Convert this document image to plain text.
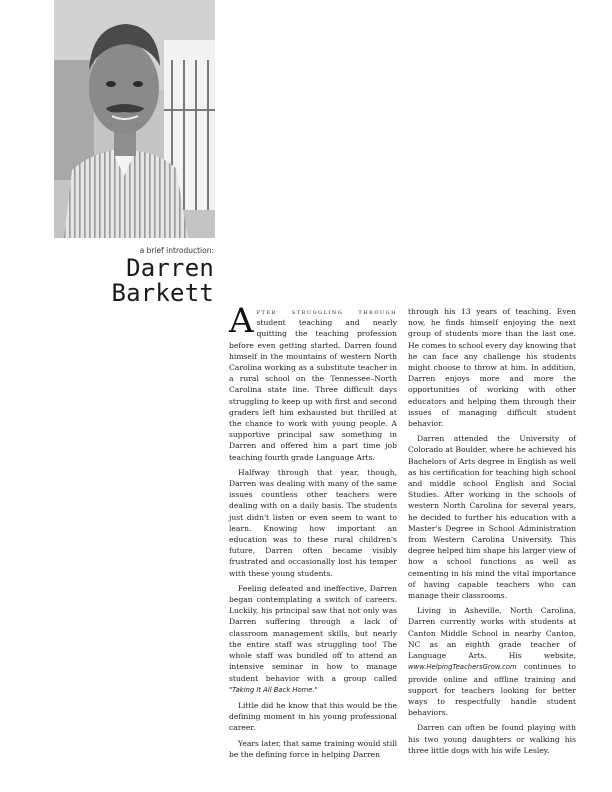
a brief introduction:
Darren
Barkett

After struggling through student teaching and nearly quitting the teaching profession before even getting started, Darren found himself in the mountains of western North Carolina working as a substitute teacher in a rural school on the Tennessee–North Carolina state line. Three difficult days struggling to keep up with first and second graders left him exhausted but thrilled at the chance to work with young people. A supportive principal saw something in Darren and offered him a part time job teaching fourth grade Language Arts.

Halfway through that year, though, Darren was dealing with many of the same issues countless other teachers were dealing with on a daily basis. The students just didn't listen or even seem to want to learn. Knowing how important an education was to these rural children's future, Darren often became visibly frustrated and occasionally lost his temper with these young students.

Feeling defeated and ineffective, Darren began contemplating a switch of careers. Luckily, his principal saw that not only was Darren suffering through a lack of classroom management skills, but nearly the entire staff was struggling too! The whole staff was bundled off to attend an intensive seminar in how to manage student behavior with a group called "Taking It All Back Home."

Little did he know that this would be the defining moment in his young professional career.

Years later, that same training would still be the defining force in helping Darren

through his 13 years of teaching. Even now, he finds himself enjoying the next group of students more than the last one. He comes to school every day knowing that he can face any challenge his students might choose to throw at him. In addition, Darren enjoys more and more the opportunities of working with other educators and helping them through their issues of managing difficult student behavior.

Darren attended the University of Colorado at Boulder, where he achieved his Bachelors of Arts degree in English as well as his certification for teaching high school and middle school English and Social Studies. After working in the schools of western North Carolina for several years, he decided to further his education with a Master's Degree in School Administration from Western Carolina University. This degree helped him shape his larger view of how a school functions as well as cementing in his mind the vital importance of having capable teachers who can manage their classrooms.

Living in Asheville, North Carolina, Darren currently works with students at Canton Middle School in nearby Canton, NC as an eighth grade teacher of Language Arts. His website, www.HelpingTeachersGrow.com continues to provide online and offline training and support for teachers looking for better ways to respectfully handle student behaviors.

Darren can often be found playing with his two young daughters or walking his three little dogs with his wife Lesley.
